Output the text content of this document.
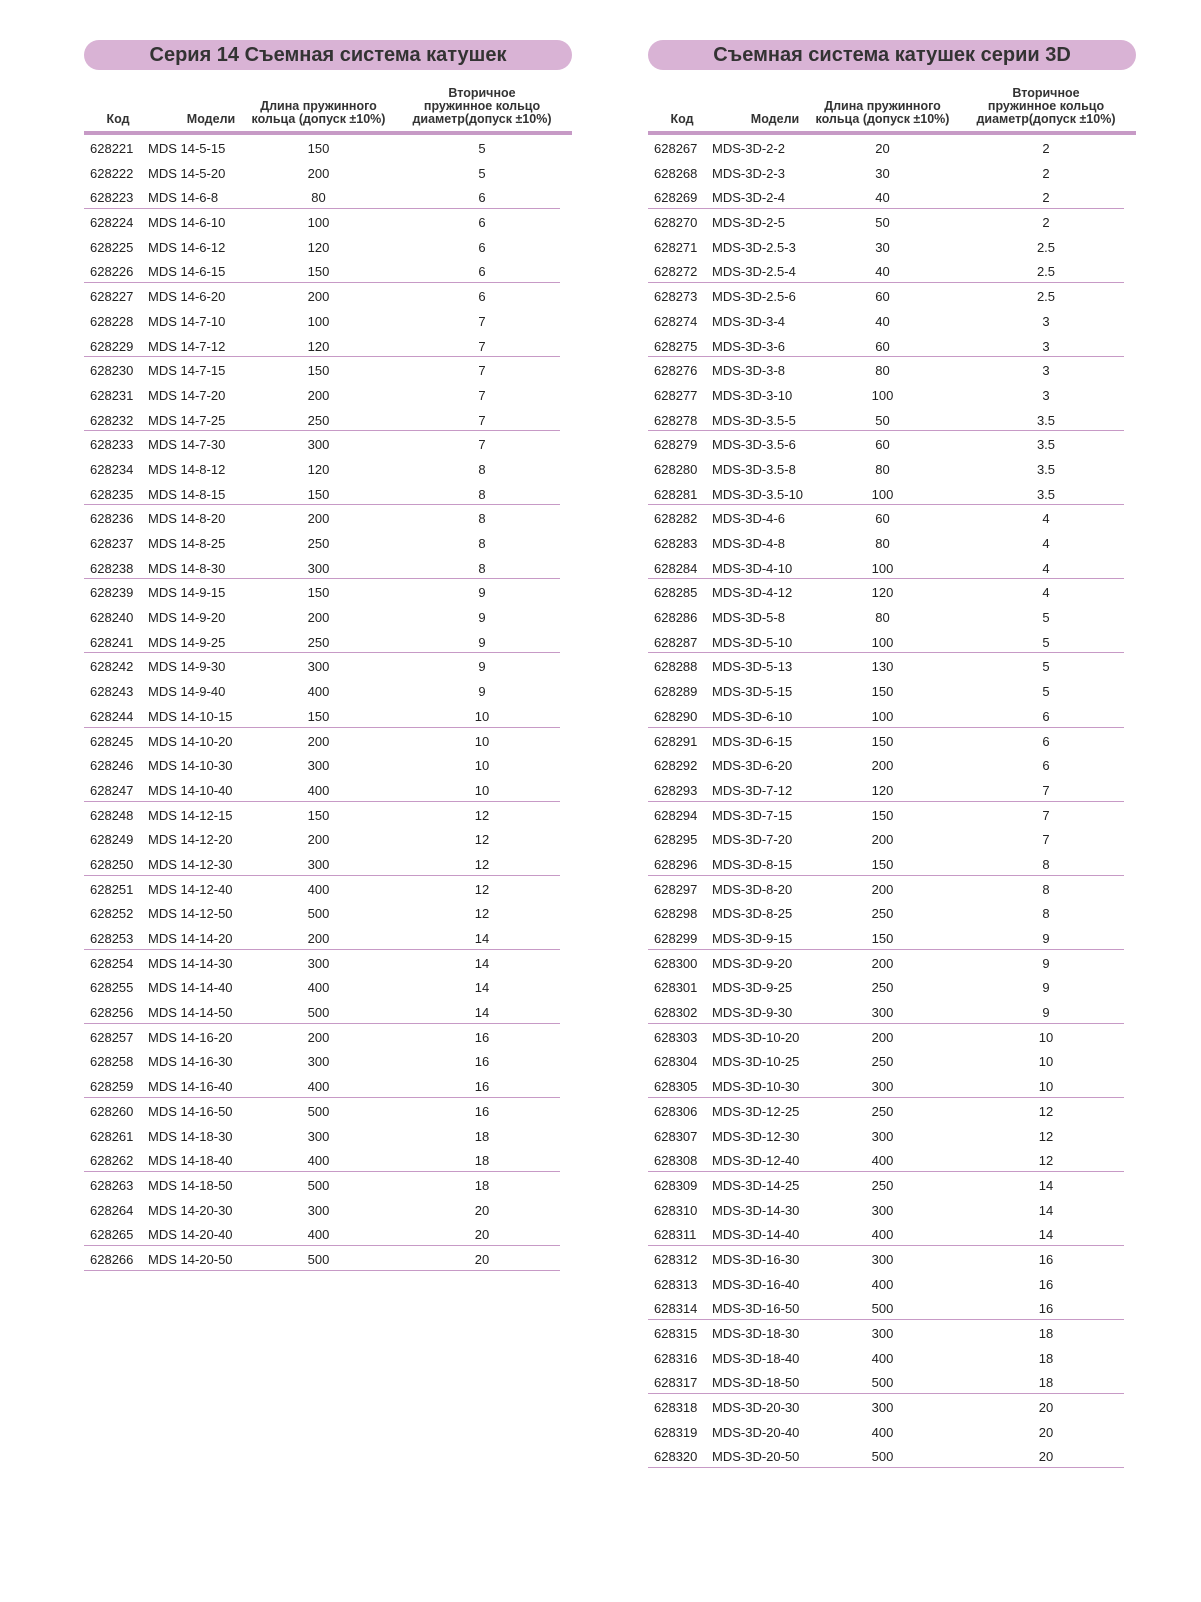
Серия 14 Съемная система катушек
Код	Модели
Длина пружинного
кольца (допуск ±10%)
Вторичное
пружинное кольцо
диаметр(допуск ±10%)
628221 MDS 14-5-15	150	5
628222 MDS 14-5-20	200	5
628223 MDS 14-6-8	80	6
628224 MDS 14-6-10	100	6
628225 MDS 14-6-12	120	6
628226 MDS 14-6-15	150	6
628227 MDS 14-6-20	200	6
628228 MDS 14-7-10	100	7
628229 MDS 14-7-12	120	7
628230 MDS 14-7-15	150	7
628231 MDS 14-7-20	200	7
628232 MDS 14-7-25	250	7
628233 MDS 14-7-30	300	7
628234 MDS 14-8-12	120	8
628235 MDS 14-8-15	150	8
628236 MDS 14-8-20	200	8
628237 MDS 14-8-25	250	8
628238 MDS 14-8-30	300	8
628239 MDS 14-9-15	150	9
628240 MDS 14-9-20	200	9
628241 MDS 14-9-25	250	9
628242 MDS 14-9-30	300	9
628243 MDS 14-9-40	400	9
628244 MDS 14-10-15	150	10
628245 MDS 14-10-20	200	10
628246 MDS 14-10-30	300	10
628247 MDS 14-10-40	400	10
628248 MDS 14-12-15	150	12
628249 MDS 14-12-20	200	12
628250 MDS 14-12-30	300	12
628251 MDS 14-12-40	400	12
628252 MDS 14-12-50	500	12
628253 MDS 14-14-20	200	14
628254 MDS 14-14-30	300	14
628255 MDS 14-14-40	400	14
628256 MDS 14-14-50	500	14
628257 MDS 14-16-20	200	16
628258 MDS 14-16-30	300	16
628259 MDS 14-16-40	400	16
628260 MDS 14-16-50	500	16
628261 MDS 14-18-30	300	18
628262 MDS 14-18-40	400	18
628263 MDS 14-18-50	500	18
628264 MDS 14-20-30	300	20
628265 MDS 14-20-40	400	20
628266 MDS 14-20-50	500	20
Съемная система катушек серии 3D
Код	Модели
Длина пружинного
кольца (допуск ±10%)
Вторичное
пружинное кольцо
диаметр(допуск ±10%)
628267 MDS-3D-2-2	20	2
628268 MDS-3D-2-3	30	2
628269 MDS-3D-2-4	40	2
628270 MDS-3D-2-5	50	2
628271 MDS-3D-2.5-3	30	2.5
628272 MDS-3D-2.5-4	40	2.5
628273 MDS-3D-2.5-6	60	2.5
628274 MDS-3D-3-4	40	3
628275 MDS-3D-3-6	60	3
628276 MDS-3D-3-8	80	3
628277 MDS-3D-3-10	100	3
628278 MDS-3D-3.5-5	50	3.5
628279 MDS-3D-3.5-6	60	3.5
628280 MDS-3D-3.5-8	80	3.5
628281 MDS-3D-3.5-10	100	3.5
628282 MDS-3D-4-6	60	4
628283 MDS-3D-4-8	80	4
628284 MDS-3D-4-10	100	4
628285 MDS-3D-4-12	120	4
628286 MDS-3D-5-8	80	5
628287 MDS-3D-5-10	100	5
628288 MDS-3D-5-13	130	5
628289 MDS-3D-5-15	150	5
628290 MDS-3D-6-10	100	6
628291 MDS-3D-6-15	150	6
628292 MDS-3D-6-20	200	6
628293 MDS-3D-7-12	120	7
628294 MDS-3D-7-15	150	7
628295 MDS-3D-7-20	200	7
628296 MDS-3D-8-15	150	8
628297 MDS-3D-8-20	200	8
628298 MDS-3D-8-25	250	8
628299 MDS-3D-9-15	150	9
628300 MDS-3D-9-20	200	9
628301 MDS-3D-9-25	250	9
628302 MDS-3D-9-30	300	9
628303 MDS-3D-10-20	200	10
628304 MDS-3D-10-25	250	10
628305 MDS-3D-10-30	300	10
628306 MDS-3D-12-25	250	12
628307 MDS-3D-12-30	300	12
628308 MDS-3D-12-40	400	12
628309 MDS-3D-14-25	250	14
628310 MDS-3D-14-30	300	14
628311 MDS-3D-14-40	400	14
628312 MDS-3D-16-30	300	16
628313 MDS-3D-16-40	400	16
628314 MDS-3D-16-50	500	16
628315 MDS-3D-18-30	300	18
628316 MDS-3D-18-40	400	18
628317 MDS-3D-18-50	500	18
628318 MDS-3D-20-30	300	20
628319 MDS-3D-20-40	400	20
628320 MDS-3D-20-50	500	20
